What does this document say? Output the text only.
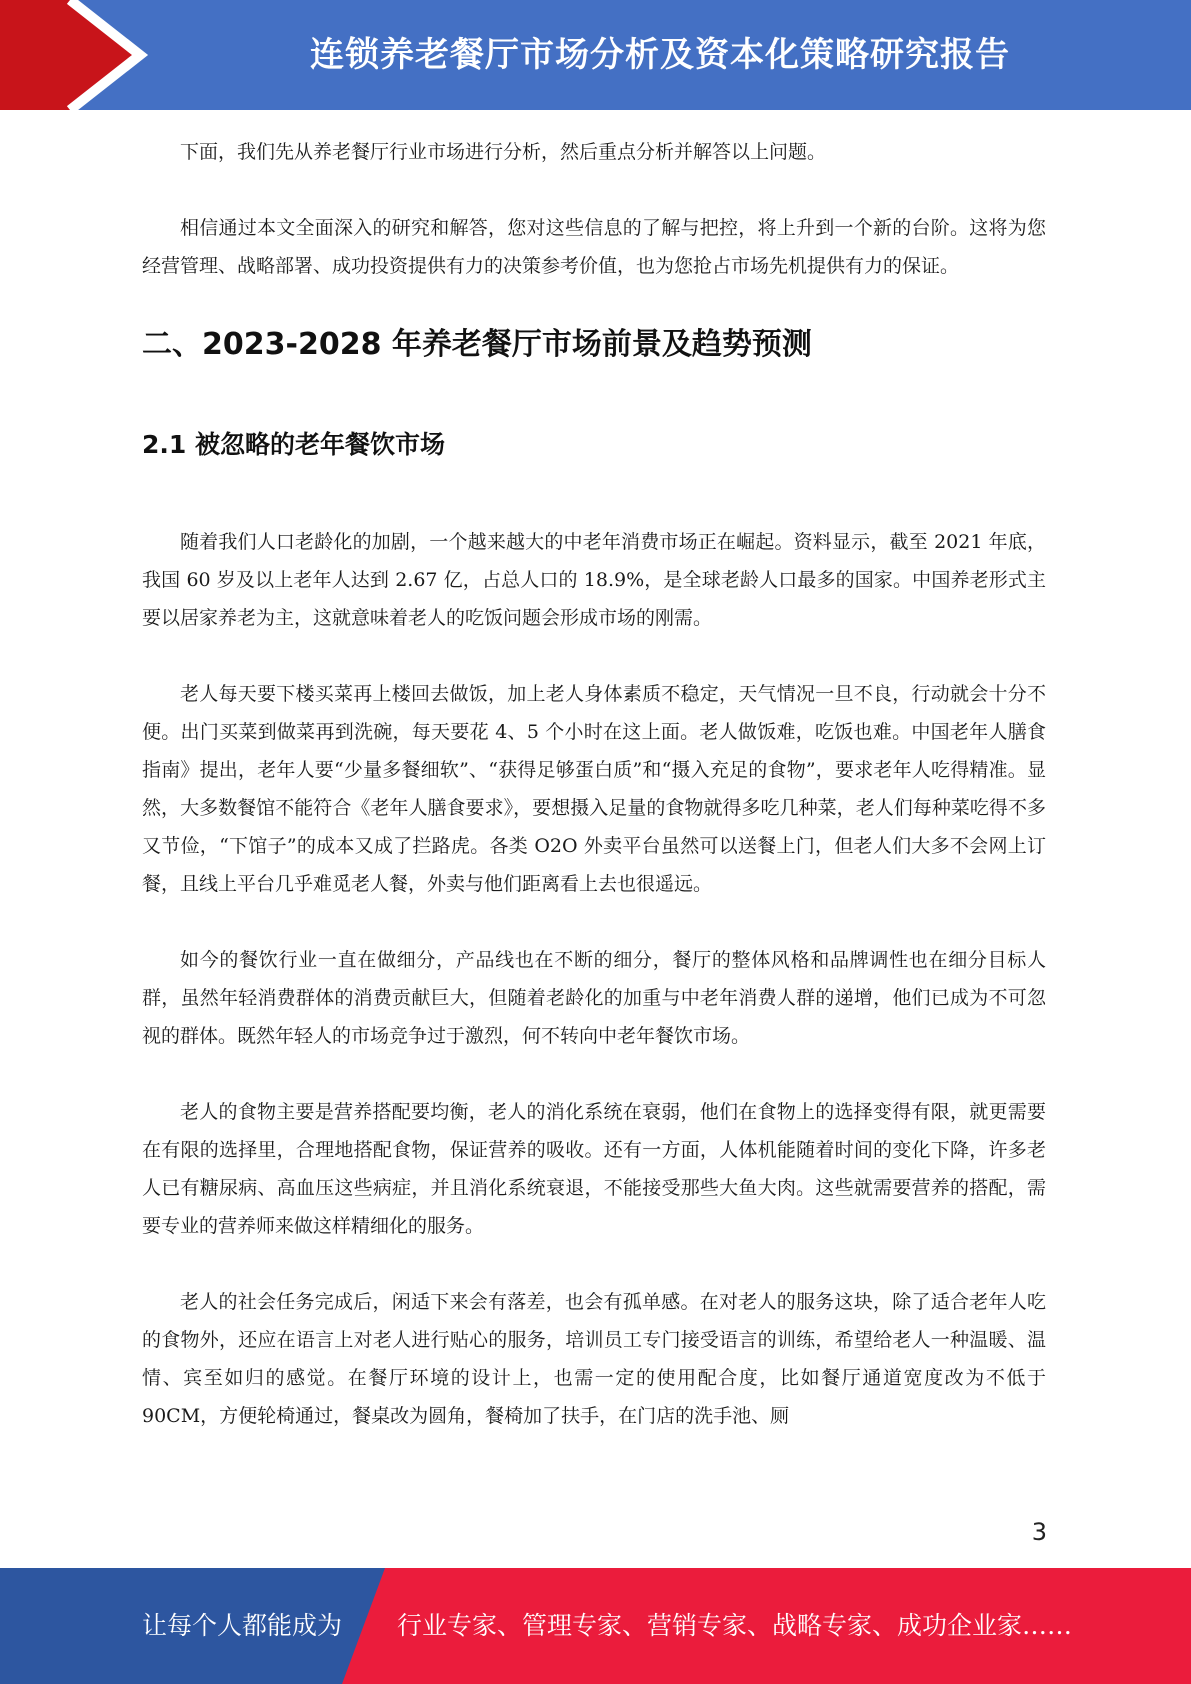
连锁养老餐厅市场分析及资本化策略研究报告

下面，我们先从养老餐厅行业市场进行分析，然后重点分析并解答以上问题。

相信通过本文全面深入的研究和解答，您对这些信息的了解与把控，将上升到一个新的台阶。这将为您经营管理、战略部署、成功投资提供有力的决策参考价值，也为您抢占市场先机提供有力的保证。

二、2023-2028 年养老餐厅市场前景及趋势预测
2.1 被忽略的老年餐饮市场

随着我们人口老龄化的加剧，一个越来越大的中老年消费市场正在崛起。资料显示，截至 2021 年底，我国 60 岁及以上老年人达到 2.67 亿，占总人口的 18.9%，是全球老龄人口最多的国家。中国养老形式主要以居家养老为主，这就意味着老人的吃饭问题会形成市场的刚需。

老人每天要下楼买菜再上楼回去做饭，加上老人身体素质不稳定，天气情况一旦不良，行动就会十分不便。出门买菜到做菜再到洗碗，每天要花 4、5 个小时在这上面。老人做饭难，吃饭也难。中国老年人膳食指南》提出，老年人要“少量多餐细软”、“获得足够蛋白质”和“摄入充足的食物”，要求老年人吃得精准。显然，大多数餐馆不能符合《老年人膳食要求》，要想摄入足量的食物就得多吃几种菜，老人们每种菜吃得不多又节俭，“下馆子”的成本又成了拦路虎。各类 O2O 外卖平台虽然可以送餐上门，但老人们大多不会网上订餐，且线上平台几乎难觅老人餐，外卖与他们距离看上去也很遥远。

如今的餐饮行业一直在做细分，产品线也在不断的细分，餐厅的整体风格和品牌调性也在细分目标人群，虽然年轻消费群体的消费贡献巨大，但随着老龄化的加重与中老年消费人群的递增，他们已成为不可忽视的群体。既然年轻人的市场竞争过于激烈，何不转向中老年餐饮市场。

老人的食物主要是营养搭配要均衡，老人的消化系统在衰弱，他们在食物上的选择变得有限，就更需要在有限的选择里，合理地搭配食物，保证营养的吸收。还有一方面，人体机能随着时间的变化下降，许多老人已有糖尿病、高血压这些病症，并且消化系统衰退，不能接受那些大鱼大肉。这些就需要营养的搭配，需要专业的营养师来做这样精细化的服务。

老人的社会任务完成后，闲适下来会有落差，也会有孤单感。在对老人的服务这块，除了适合老年人吃的食物外，还应在语言上对老人进行贴心的服务，培训员工专门接受语言的训练，希望给老人一种温暖、温情、宾至如归的感觉。在餐厅环境的设计上，也需一定的使用配合度，比如餐厅通道宽度改为不低于 90CM，方便轮椅通过，餐桌改为圆角，餐椅加了扶手，在门店的洗手池、厕

3
让每个人都能成为 行业专家、管理专家、营销专家、战略专家、成功企业家……
